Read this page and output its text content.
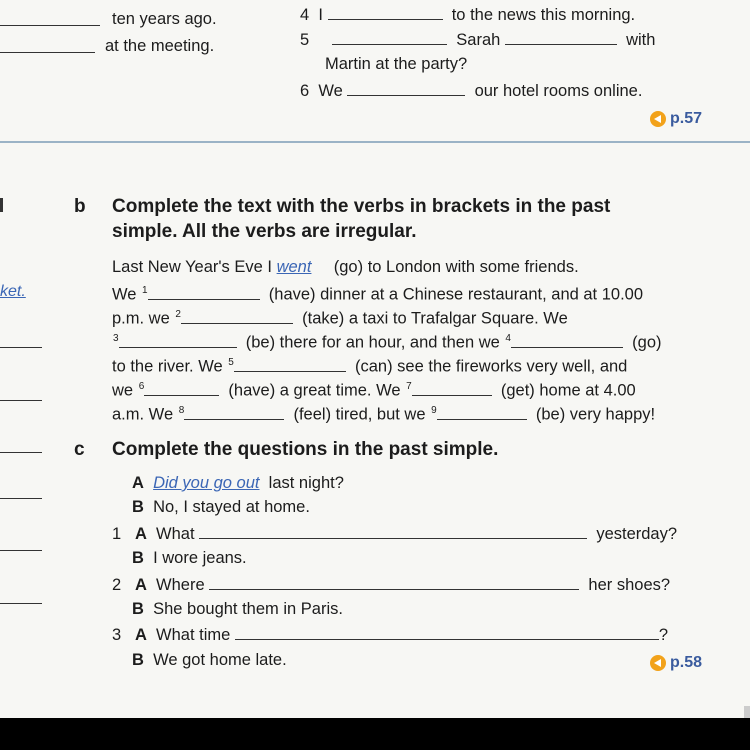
ten years ago.
at the meeting.
4 I	to the news this morning.
5	Sarah	with
Martin at the party?
6 We	our hotel rooms online.
p.57
ket.
b Complete the text with the verbs in brackets in the past
simple. All the verbs are irregular.
Last New Year's Eve I went (go) to London with some friends.
We $^1$	(have) dinner at a Chinese restaurant, and at 10.00
p.m. we $^2$	(take) a taxi to Trafalgar Square. We
$^3$	(be) there for an hour, and then we $^4$	(go)
to the river. We $^5$	(can) see the fireworks very well, and
we $^6$	(have) a great time. We $^7$	(get) home at 4.00
a.m. We $^8$	(feel) tired, but we $^9$	(be) very happy!
c Complete the questions in the past simple.
A Did you go out last night?
B No, I stayed at home.
1 A What	yesterday?
B I wore jeans.
2 A Where	her shoes?
B She bought them in Paris.
3 A What time	?
B We got home late.	p.58
